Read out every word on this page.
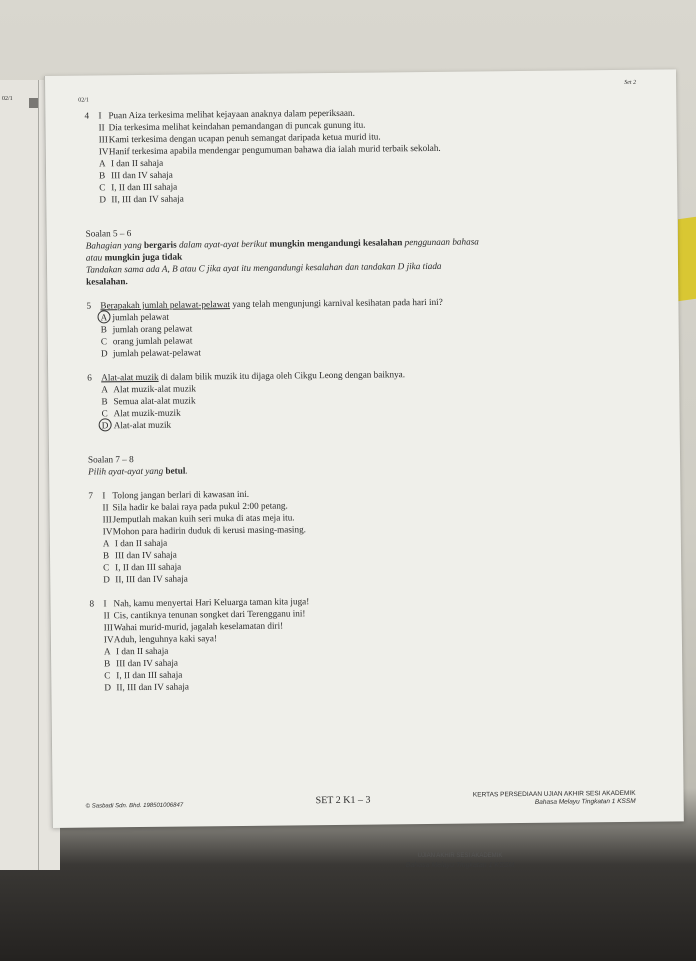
02/1	02/1
Set 2
4	I Puan Aiza terkesima melihat kejayaan anaknya dalam peperiksaan.
II Dia terkesima melihat keindahan pemandangan di puncak gunung itu.
III Kami terkesima dengan ucapan penuh semangat daripada ketua murid itu.
IV Hanif terkesima apabila mendengar pengumuman bahawa dia ialah murid terbaik sekolah.
A I dan II sahaja
B III dan IV sahaja
C I, II dan III sahaja
D II, III dan IV sahaja
Soalan 5 – 6
Bahagian yang bergaris dalam ayat-ayat berikut mungkin mengandungi kesalahan penggunaan bahasa
atau mungkin juga tidak
Tandakan sama ada A, B atau C jika ayat itu mengandungi kesalahan dan tandakan D jika tiada
kesalahan.
5	Berapakah jumlah pelawat-pelawat
yang telah mengunjungi karnival kesihatan pada hari ini?
A jumlah pelawat
B jumlah orang pelawat
C orang jumlah pelawat
D jumlah pelawat-pelawat
6	Alat-alat muzik
di dalam bilik muzik itu dijaga oleh Cikgu Leong dengan baiknya.
A Alat muzik-alat muzik
B Semua alat-alat muzik
C Alat muzik-muzik
D Alat-alat muzik
Soalan 7 – 8
Pilih ayat-ayat yang betul.
7	I Tolong jangan berlari di kawasan ini.
II Sila hadir ke balai raya pada pukul 2:00 petang.
III Jemputlah makan kuih seri muka di atas meja itu.
IV Mohon para hadirin duduk di kerusi masing-masing.
A I dan II sahaja
B III dan IV sahaja
C I, II dan III sahaja
D II, III dan IV sahaja
8	I Nah, kamu menyertai Hari Keluarga taman kita juga!
II Cis, cantiknya tenunan songket dari Terengganu ini!
III Wahai murid-murid, jagalah keselamatan diri!
IV Aduh, lenguhnya kaki saya!
A I dan II sahaja
B III dan IV sahaja
C I, II dan III sahaja
D II, III dan IV sahaja
© Sasbadi Sdn. Bhd. 198501006847	SET 2 K1 – 3
KERTAS PERSEDIAAN UJIAN AKHIR SESI AKADEMIK
Bahasa Melayu Tingkatan 1 KSSM
UJIAN AKHIR SESI AKADEMIK
Bahasa Melayu Tingkatan 1 KSSM
